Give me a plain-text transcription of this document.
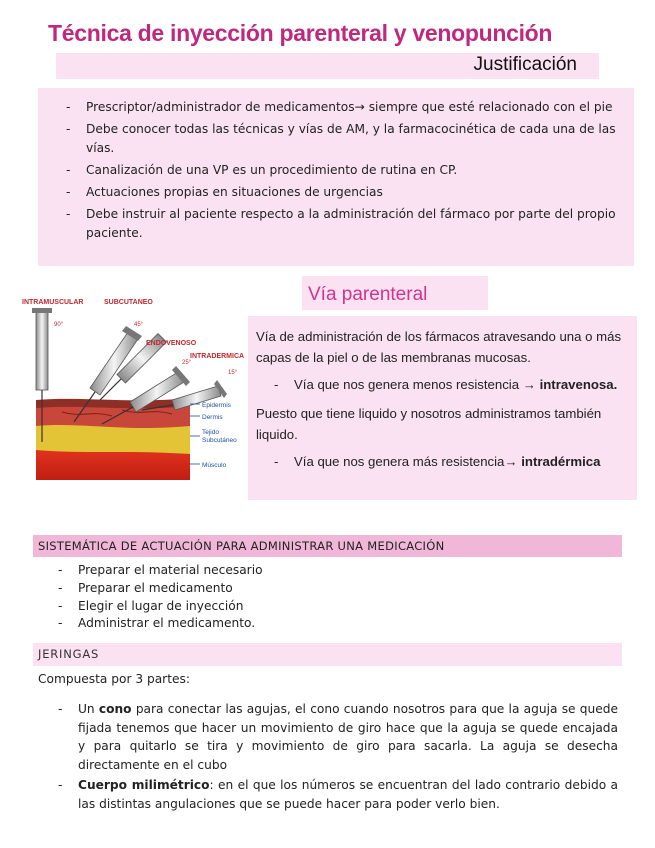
Técnica de inyección parenteral y venopunción
Justificación
- Prescriptor/administrador de medicamentos→ siempre que esté relacionado con el pie
- Debe conocer todas las técnicas y vías de AM, y la farmacocinética de cada una de las vías.
- Canalización de una VP es un procedimiento de rutina en CP.
- Actuaciones propias en situaciones de urgencias
- Debe instruir al paciente respecto a la administración del fármaco por parte del propio paciente.
INTRAMUSCULAR	SUBCUTANEO
ENDOVENOSO
INTRADERMICA
90°	45°
25°
15°
Epidermis
Dermis
Tejido
Subcutáneo
Músculo
Vía parenteral

Vía de administración de los fármacos atravesando una o más capas de la piel o de las membranas mucosas.

- Vía que nos genera menos resistencia → intravenosa.

Puesto que tiene liquido y nosotros administramos también liquido.

- Vía que nos genera más resistencia→ intradérmica
SISTEMÁTICA DE ACTUACIÓN PARA ADMINISTRAR UNA MEDICACIÓN
- Preparar el material necesario
- Preparar el medicamento
- Elegir el lugar de inyección
- Administrar el medicamento.
JERINGAS
Compuesta por 3 partes:
- Un cono para conectar las agujas, el cono cuando nosotros para que la aguja se quede fijada tenemos que hacer un movimiento de giro hace que la aguja se quede encajada y para quitarlo se tira y movimiento de giro para sacarla. La aguja se desecha directamente en el cubo
- Cuerpo milimétrico: en el que los números se encuentran del lado contrario debido a las distintas angulaciones que se puede hacer para poder verlo bien.
